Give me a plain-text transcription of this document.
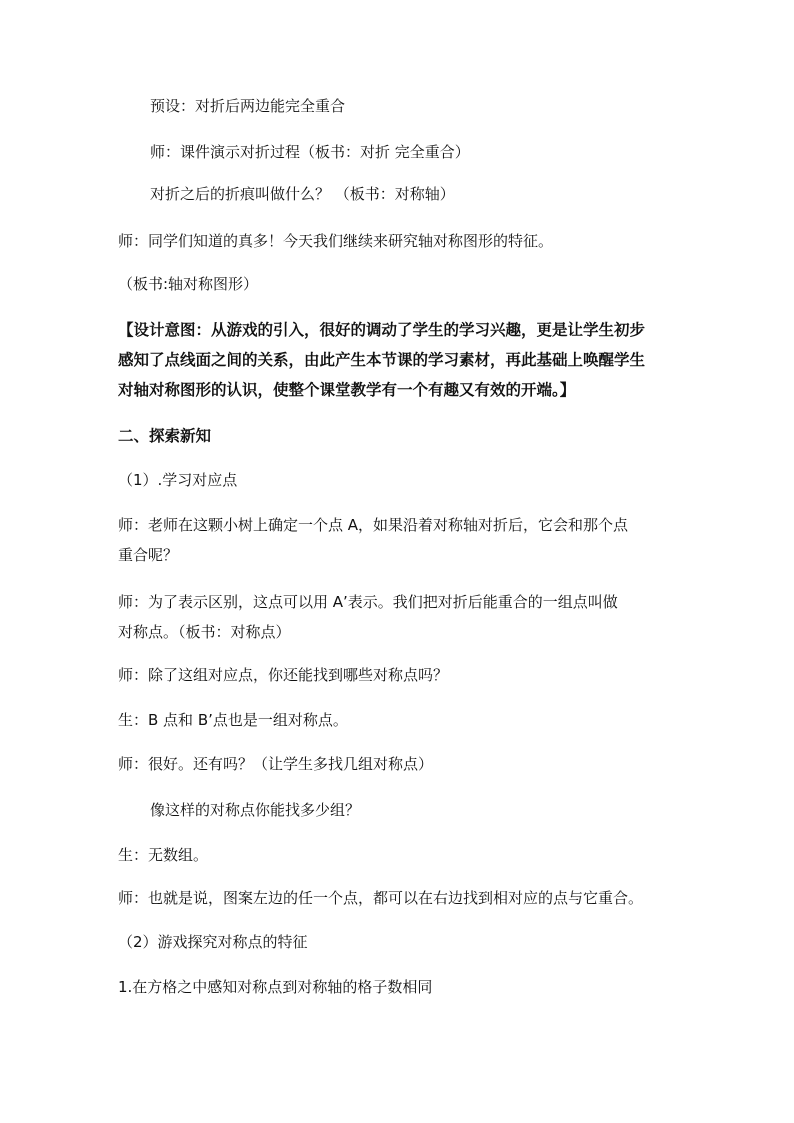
预设：对折后两边能完全重合
师：课件演示对折过程（板书：对折 完全重合）
对折之后的折痕叫做什么？ （板书：对称轴）
师：同学们知道的真多！今天我们继续来研究轴对称图形的特征。
（板书:轴对称图形）
【设计意图：从游戏的引入，很好的调动了学生的学习兴趣，更是让学生初步
感知了点线面之间的关系，由此产生本节课的学习素材，再此基础上唤醒学生
对轴对称图形的认识，使整个课堂教学有一个有趣又有效的开端。】
二、探索新知
（1）.学习对应点
师：老师在这颗小树上确定一个点 A，如果沿着对称轴对折后，它会和那个点
重合呢？
师：为了表示区别，这点可以用 A’表示。我们把对折后能重合的一组点叫做
对称点。（板书：对称点）
师：除了这组对应点，你还能找到哪些对称点吗？
生：B 点和 B’点也是一组对称点。
师：很好。还有吗？（让学生多找几组对称点）
像这样的对称点你能找多少组？
生：无数组。
师：也就是说，图案左边的任一个点，都可以在右边找到相对应的点与它重合。
（2）游戏探究对称点的特征
1.在方格之中感知对称点到对称轴的格子数相同
